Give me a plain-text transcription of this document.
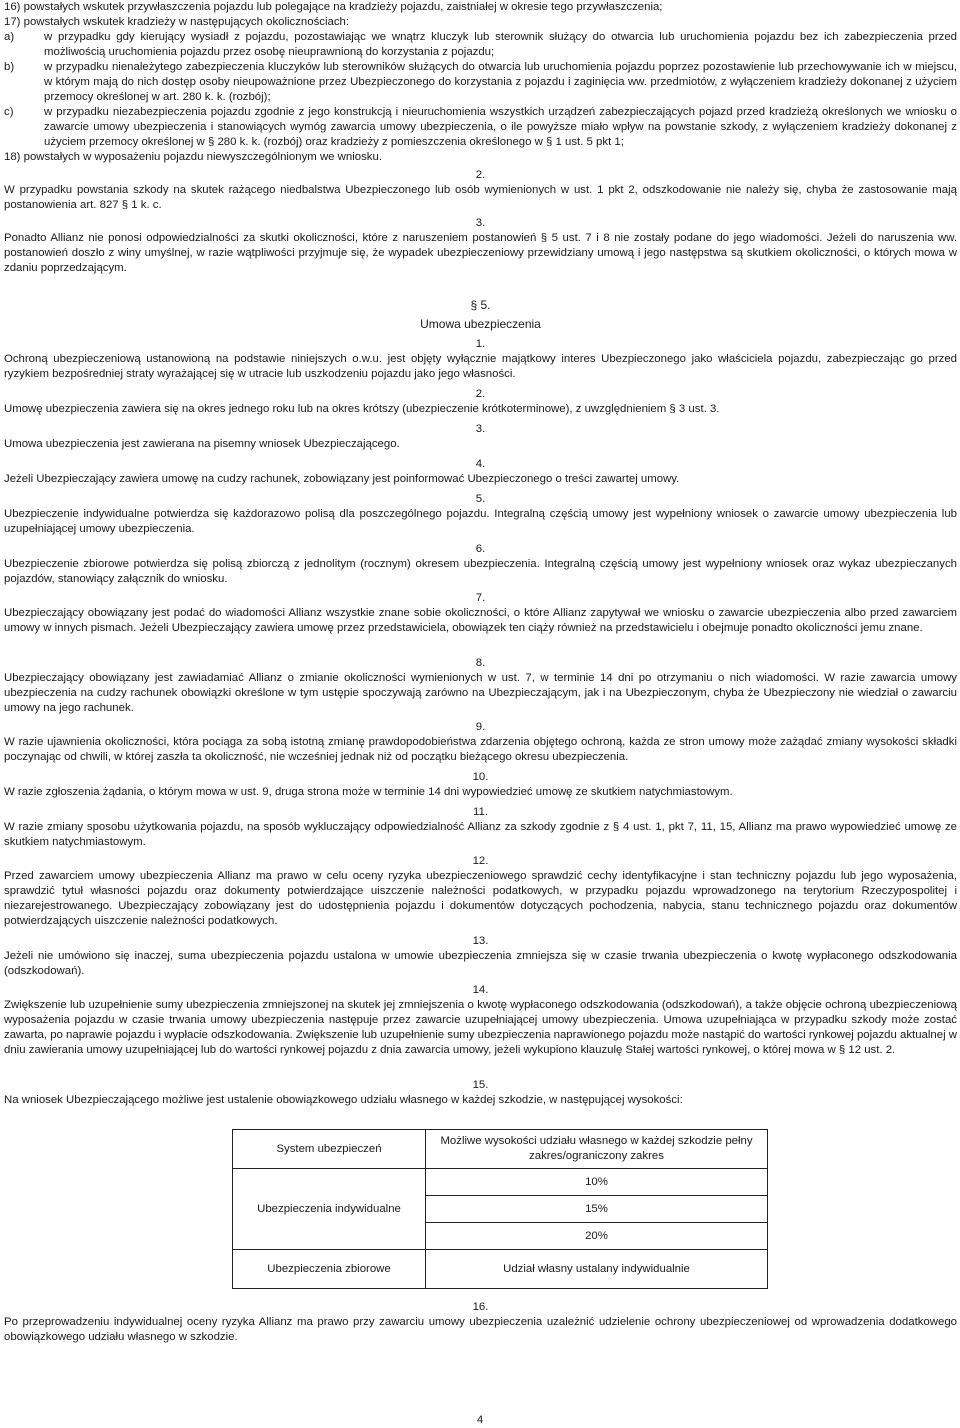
16)
powstałych wskutek przywłaszczenia pojazdu lub polegające na kradzieży pojazdu, zaistniałej w okresie tego przywłaszczenia;
17)
powstałych wskutek kradzieży w następujących okolicznościach:
a)	w przypadku gdy kierujący wysiadł z pojazdu, pozostawiając we wnątrz kluczyk lub sterownik służący do otwarcia lub uruchomienia pojazdu bez ich zabezpieczenia przed możliwością uruchomienia pojazdu przez osobę nieuprawnioną do korzystania z pojazdu;
b)	w przypadku nienależytego zabezpieczenia kluczyków lub sterowników służących do otwarcia lub uruchomienia pojazdu poprzez pozostawienie lub przechowywanie ich w miejscu, w którym mają do nich dostęp osoby nieupoważnione przez Ubezpieczonego do korzystania z pojazdu i zaginięcia ww. przedmiotów, z wyłączeniem kradzieży dokonanej z użyciem przemocy określonej w art. 280 k. k. (rozbój);
c)	w przypadku niezabezpieczenia pojazdu zgodnie z jego konstrukcją i nieuruchomienia wszystkich urządzeń zabezpieczających pojazd przed kradzieżą określonych we wniosku o zawarcie umowy ubezpieczenia i stanowiących wymóg zawarcia umowy ubezpieczenia, o ile powyższe miało wpływ na powstanie szkody, z wyłączeniem kradzieży dokonanej z użyciem przemocy określonej w § 280 k. k. (rozbój) oraz kradzieży z pomieszczenia określonego w § 1 ust. 5 pkt 1;
18)
powstałych w wyposażeniu pojazdu niewyszczególnionym we wniosku.

2.

W przypadku powstania szkody na skutek rażącego niedbalstwa Ubezpieczonego lub osób wymienionych w ust. 1 pkt 2, odszkodowanie nie należy się, chyba że zastosowanie mają postanowienia art. 827 § 1 k. c.

3.

Ponadto Allianz nie ponosi odpowiedzialności za skutki okoliczności, które z naruszeniem postanowień § 5 ust. 7 i 8 nie zostały podane do jego wiadomości. Jeżeli do naruszenia ww. postanowień doszło z winy umyślnej, w razie wątpliwości przyjmuje się, że wypadek ubezpieczeniowy przewidziany umową i jego następstwa są skutkiem okoliczności, o których mowa w zdaniu poprzedzającym.

§ 5.

Umowa ubezpieczenia

1.

Ochroną ubezpieczeniową ustanowioną na podstawie niniejszych o.w.u. jest objęty wyłącznie majątkowy interes Ubezpieczonego jako właściciela pojazdu, zabezpieczając go przed ryzykiem bezpośredniej straty wyrażającej się w utracie lub uszkodzeniu pojazdu jako jego własności.

2.

Umowę ubezpieczenia zawiera się na okres jednego roku lub na okres krótszy (ubezpieczenie krótkoterminowe), z uwzględnieniem § 3 ust. 3.

3.

Umowa ubezpieczenia jest zawierana na pisemny wniosek Ubezpieczającego.

4.

Jeżeli Ubezpieczający zawiera umowę na cudzy rachunek, zobowiązany jest poinformować Ubezpieczonego o treści zawartej umowy.

5.

Ubezpieczenie indywidualne potwierdza się każdorazowo polisą dla poszczególnego pojazdu. Integralną częścią umowy jest wypełniony wniosek o zawarcie umowy ubezpieczenia lub uzupełniającej umowy ubezpieczenia.

6.

Ubezpieczenie zbiorowe potwierdza się polisą zbiorczą z jednolitym (rocznym) okresem ubezpieczenia. Integralną częścią umowy jest wypełniony wniosek oraz wykaz ubezpieczanych pojazdów, stanowiący załącznik do wniosku.

7.

Ubezpieczający obowiązany jest podać do wiadomości Allianz wszystkie znane sobie okoliczności, o które Allianz zapytywał we wniosku o zawarcie ubezpieczenia albo przed zawarciem umowy w innych pismach. Jeżeli Ubezpieczający zawiera umowę przez przedstawiciela, obowiązek ten ciąży również na przedstawicielu i obejmuje ponadto okoliczności jemu znane.

8.

Ubezpieczający obowiązany jest zawiadamiać Allianz o zmianie okoliczności wymienionych w ust. 7, w terminie 14 dni po otrzymaniu o nich wiadomości. W razie zawarcia umowy ubezpieczenia na cudzy rachunek obowiązki określone w tym ustępie spoczywają zarówno na Ubezpieczającym, jak i na Ubezpieczonym, chyba że Ubezpieczony nie wiedział o zawarciu umowy na jego rachunek.

9.

W razie ujawnienia okoliczności, która pociąga za sobą istotną zmianę prawdopodobieństwa zdarzenia objętego ochroną, każda ze stron umowy może zażądać zmiany wysokości składki poczynając od chwili, w której zaszła ta okoliczność, nie wcześniej jednak niż od początku bieżącego okresu ubezpieczenia.

10.

W razie zgłoszenia żądania, o którym mowa w ust. 9, druga strona może w terminie 14 dni wypowiedzieć umowę ze skutkiem natychmiastowym.

11.

W razie zmiany sposobu użytkowania pojazdu, na sposób wykluczający odpowiedzialność Allianz za szkody zgodnie z § 4 ust. 1, pkt 7, 11, 15, Allianz ma prawo wypowiedzieć umowę ze skutkiem natychmiastowym.

12.

Przed zawarciem umowy ubezpieczenia Allianz ma prawo w celu oceny ryzyka ubezpieczeniowego sprawdzić cechy identyfikacyjne i stan techniczny pojazdu lub jego wyposażenia, sprawdzić tytuł własności pojazdu oraz dokumenty potwierdzające uiszczenie należności podatkowych, w przypadku pojazdu wprowadzonego na terytorium Rzeczypospolitej i niezarejestrowanego. Ubezpieczający zobowiązany jest do udostępnienia pojazdu i dokumentów dotyczących pochodzenia, nabycia, stanu technicznego pojazdu oraz dokumentów potwierdzających uiszczenie należności podatkowych.

13.

Jeżeli nie umówiono się inaczej, suma ubezpieczenia pojazdu ustalona w umowie ubezpieczenia zmniejsza się w czasie trwania ubezpieczenia o kwotę wypłaconego odszkodowania (odszkodowań).

14.

Zwiększenie lub uzupełnienie sumy ubezpieczenia zmniejszonej na skutek jej zmniejszenia o kwotę wypłaconego odszkodowania (odszkodowań), a także objęcie ochroną ubezpieczeniową wyposażenia pojazdu w czasie trwania umowy ubezpieczenia następuje przez zawarcie uzupełniającej umowy ubezpieczenia. Umowa uzupełniająca w przypadku szkody może zostać zawarta, po naprawie pojazdu i wypłacie odszkodowania. Zwiększenie lub uzupełnienie sumy ubezpieczenia naprawionego pojazdu może nastąpić do wartości rynkowej pojazdu aktualnej w dniu zawierania umowy uzupełniającej lub do wartości rynkowej pojazdu z dnia zawarcia umowy, jeżeli wykupiono klauzulę Stałej wartości rynkowej, o której mowa w § 12 ust. 2.

15.

Na wniosek Ubezpieczającego możliwe jest ustalenie obowiązkowego udziału własnego w każdej szkodzie, w następującej wysokości:

System ubezpieczeń	Możliwe wysokości udziału własnego w każdej szkodzie pełny zakres/ograniczony zakres
Ubezpieczenia indywidualne	10%
	15%
	20%
Ubezpieczenia zbiorowe	Udział własny ustalany indywidualnie

16.

Po przeprowadzeniu indywidualnej oceny ryzyka Allianz ma prawo przy zawarciu umowy ubezpieczenia uzależnić udzielenie ochrony ubezpieczeniowej od wprowadzenia dodatkowego obowiązkowego udziału własnego w szkodzie.

4
